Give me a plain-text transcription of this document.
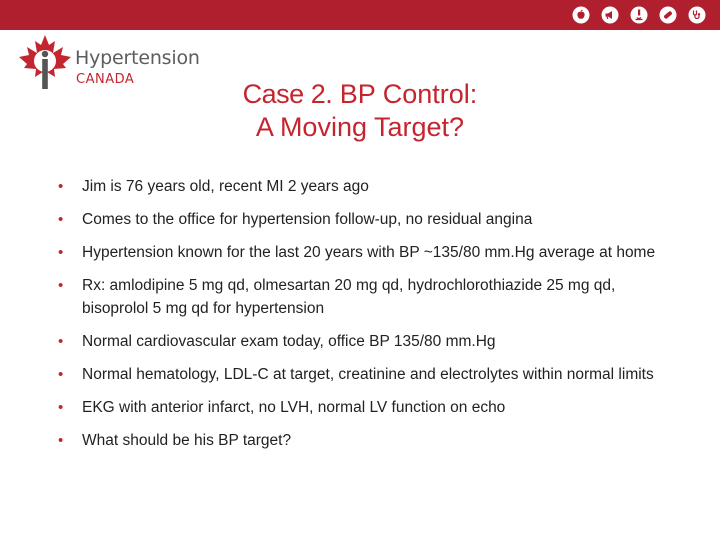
Hypertension
CANADA	Case 2. BP Control:
A Moving Target?
• Jim is 76 years old, recent MI 2 years ago
• Comes to the office for hypertension follow-up, no residual angina
• Hypertension known for the last 20 years with BP ~135/80 mm.Hg average at home
• Rx: amlodipine 5 mg qd, olmesartan 20 mg qd, hydrochlorothiazide 25 mg qd, bisoprolol 5 mg qd for hypertension
• Normal cardiovascular exam today, office BP 135/80 mm.Hg
• Normal hematology, LDL-C at target, creatinine and electrolytes within normal limits
• EKG with anterior infarct, no LVH, normal LV function on echo
• What should be his BP target?
